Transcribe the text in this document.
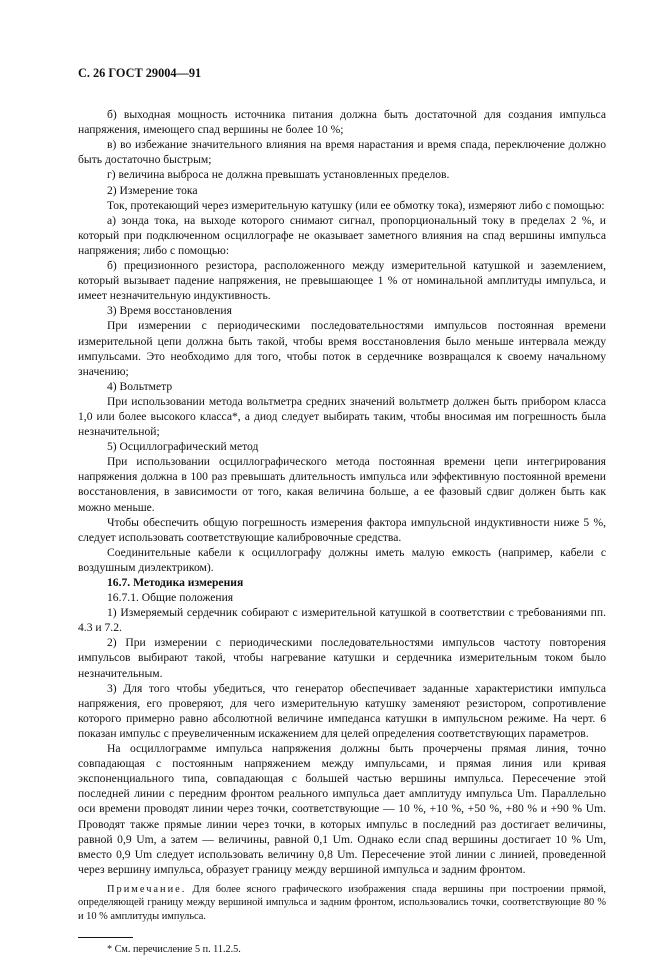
С. 26 ГОСТ 29004—91

б) выходная мощность источника питания должна быть достаточной для создания импульса напряжения, имеющего спад вершины не более 10 %;

в) во избежание значительного влияния на время нарастания и время спада, переключение должно быть достаточно быстрым;

г) величина выброса не должна превышать установленных пределов.

2) Измерение тока

Ток, протекающий через измерительную катушку (или ее обмотку тока), измеряют либо с помощью:

а) зонда тока, на выходе которого снимают сигнал, пропорциональный току в пределах 2 %, и который при подключенном осциллографе не оказывает заметного влияния на спад вершины импульса напряжения; либо с помощью:

б) прецизионного резистора, расположенного между измерительной катушкой и заземлением, который вызывает падение напряжения, не превышающее 1 % от номинальной амплитуды импульса, и имеет незначительную индуктивность.

3) Время восстановления

При измерении с периодическими последовательностями импульсов постоянная времени измерительной цепи должна быть такой, чтобы время восстановления было меньше интервала между импульсами. Это необходимо для того, чтобы поток в сердечнике возвращался к своему начальному значению;

4) Вольтметр

При использовании метода вольтметра средних значений вольтметр должен быть прибором класса 1,0 или более высокого класса*, а диод следует выбирать таким, чтобы вносимая им погрешность была незначительной;

5) Осциллографический метод

При использовании осциллографического метода постоянная времени цепи интегрирования напряжения должна в 100 раз превышать длительность импульса или эффективную постоянной времени восстановления, в зависимости от того, какая величина больше, а ее фазовый сдвиг должен быть как можно меньше.

Чтобы обеспечить общую погрешность измерения фактора импульсной индуктивности ниже 5 %, следует использовать соответствующие калибровочные средства.

Соединительные кабели к осциллографу должны иметь малую емкость (например, кабели с воздушным диэлектриком).

16.7. Методика измерения

16.7.1. Общие положения

1) Измеряемый сердечник собирают с измерительной катушкой в соответствии с требованиями пп. 4.3 и 7.2.

2) При измерении с периодическими последовательностями импульсов частоту повторения импульсов выбирают такой, чтобы нагревание катушки и сердечника измерительным током было незначительным.

3) Для того чтобы убедиться, что генератор обеспечивает заданные характеристики импульса напряжения, его проверяют, для чего измерительную катушку заменяют резистором, сопротивление которого примерно равно абсолютной величине импеданса катушки в импульсном режиме. На черт. 6 показан импульс с преувеличенным искажением для целей определения соответствующих параметров.

На осциллограмме импульса напряжения должны быть прочерчены прямая линия, точно совпадающая с постоянным напряжением между импульсами, и прямая линия или кривая экспоненциального типа, совпадающая с большей частью вершины импульса. Пересечение этой последней линии с передним фронтом реального импульса дает амплитуду импульса Um. Параллельно оси времени проводят линии через точки, соответствующие — 10 %, +10 %, +50 %, +80 % и +90 % Um. Проводят также прямые линии через точки, в которых импульс в последний раз достигает величины, равной 0,9 Um, а затем — величины, равной 0,1 Um. Однако если спад вершины достигает 10 % Um, вместо 0,9 Um следует использовать величину 0,8 Um. Пересечение этой линии с линией, проведенной через вершину импульса, образует границу между вершиной импульса и задним фронтом.

Примечание. Для более ясного графического изображения спада вершины при построении прямой, определяющей границу между вершиной импульса и задним фронтом, использовались точки, соответствующие 80 % и 10 % амплитуды импульса.

* См. перечисление 5 п. 11.2.5.
